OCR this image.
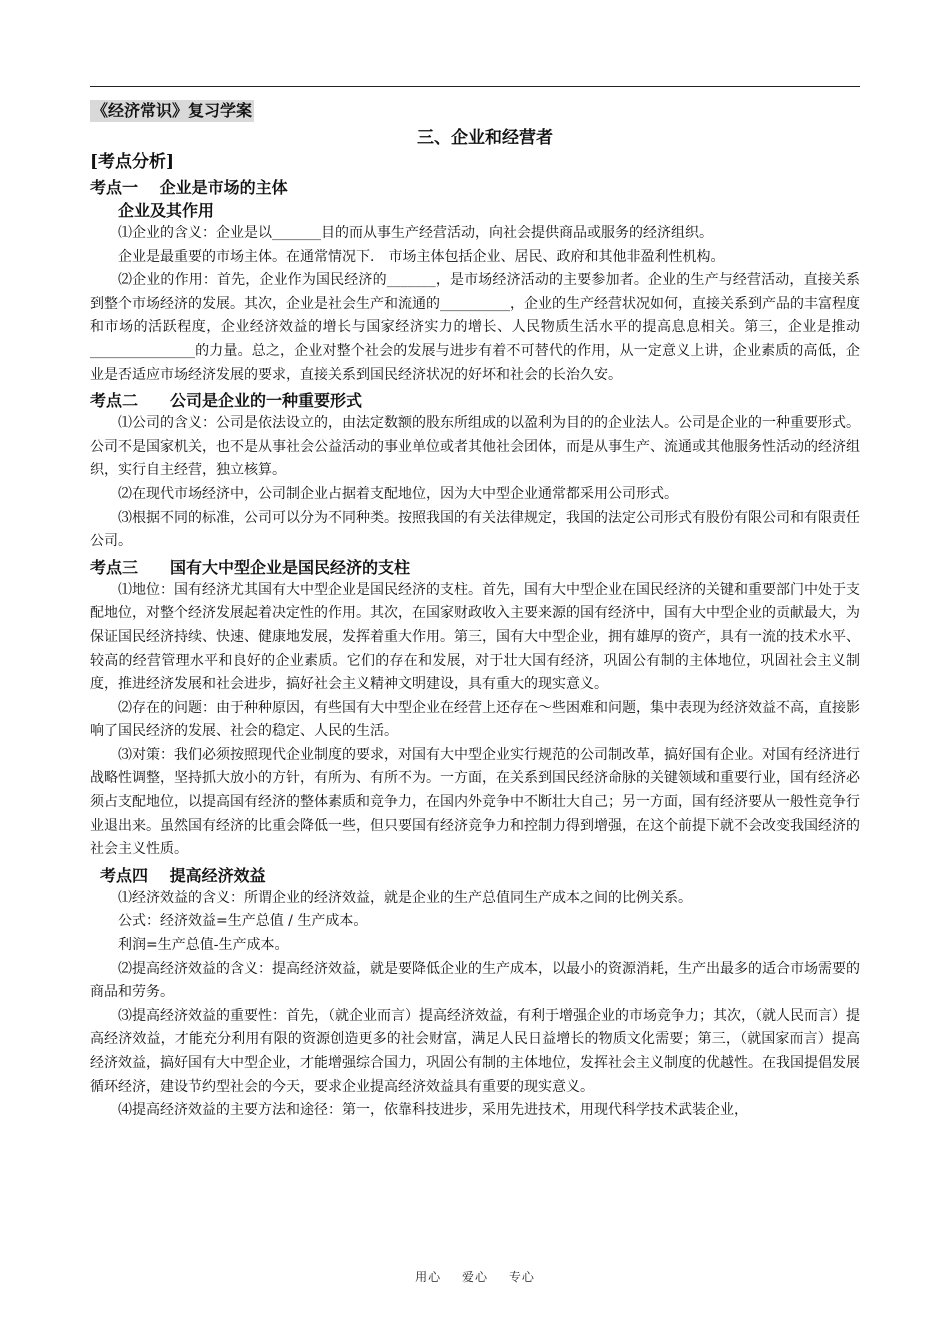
《经济常识》复习学案
三、企业和经营者
[考点分析]
考点一　 企业是市场的主体
企业及其作用

⑴企业的含义：企业是以_______目的而从事生产经营活动，向社会提供商品或服务的经济组织。

企业是最重要的市场主体。在通常情况下． 市场主体包括企业、居民、政府和其他非盈利性机构。

⑵企业的作用：首先，企业作为国民经济的_______，是市场经济活动的主要参加者。企业的生产与经营活动，直接关系到整个市场经济的发展。其次，企业是社会生产和流通的__________，企业的生产经营状况如何，直接关系到产品的丰富程度和市场的活跃程度，企业经济效益的增长与国家经济实力的增长、人民物质生活水平的提高息息相关。第三，企业是推动_______________的力量。总之，企业对整个社会的发展与进步有着不可替代的作用，从一定意义上讲，企业素质的高低，企业是否适应市场经济发展的要求，直接关系到国民经济状况的好坏和社会的长治久安。

考点二　　公司是企业的一种重要形式

⑴公司的含义：公司是依法设立的，由法定数额的股东所组成的以盈利为目的的企业法人。公司是企业的一种重要形式。公司不是国家机关，也不是从事社会公益活动的事业单位或者其他社会团体，而是从事生产、流通或其他服务性活动的经济组织，实行自主经营，独立核算。

⑵在现代市场经济中，公司制企业占据着支配地位，因为大中型企业通常都采用公司形式。

⑶根据不同的标准，公司可以分为不同种类。按照我国的有关法律规定，我国的法定公司形式有股份有限公司和有限责任公司。

考点三　　国有大中型企业是国民经济的支柱

⑴地位：国有经济尤其国有大中型企业是国民经济的支柱。首先，国有大中型企业在国民经济的关键和重要部门中处于支配地位，对整个经济发展起着决定性的作用。其次，在国家财政收入主要来源的国有经济中，国有大中型企业的贡献最大，为保证国民经济持续、快速、健康地发展，发挥着重大作用。第三，国有大中型企业，拥有雄厚的资产，具有一流的技术水平、较高的经营管理水平和良好的企业素质。它们的存在和发展，对于壮大国有经济，巩固公有制的主体地位，巩固社会主义制度，推进经济发展和社会进步，搞好社会主义精神文明建设，具有重大的现实意义。

⑵存在的问题：由于种种原因，有些国有大中型企业在经营上还存在～些困难和问题，集中表现为经济效益不高，直接影响了国民经济的发展、社会的稳定、人民的生活。

⑶对策：我们必须按照现代企业制度的要求，对国有大中型企业实行规范的公司制改革，搞好国有企业。对国有经济进行战略性调整，坚持抓大放小的方针，有所为、有所不为。一方面，在关系到国民经济命脉的关键领域和重要行业，国有经济必须占支配地位，以提高国有经济的整体素质和竞争力，在国内外竞争中不断壮大自己；另一方面，国有经济要从一般性竞争行业退出来。虽然国有经济的比重会降低一些，但只要国有经济竞争力和控制力得到增强，在这个前提下就不会改变我国经济的社会主义性质。

考点四　 提高经济效益

⑴经济效益的含义：所谓企业的经济效益，就是企业的生产总值同生产成本之间的比例关系。

公式：经济效益=生产总值 / 生产成本。

利润=生产总值-生产成本。

⑵提高经济效益的含义：提高经济效益，就是要降低企业的生产成本，以最小的资源消耗，生产出最多的适合市场需要的商品和劳务。

⑶提高经济效益的重要性：首先，（就企业而言）提高经济效益，有利于增强企业的市场竞争力；其次，（就人民而言）提高经济效益，才能充分利用有限的资源创造更多的社会财富，满足人民日益增长的物质文化需要；第三，（就国家而言）提高经济效益，搞好国有大中型企业，才能增强综合国力，巩固公有制的主体地位，发挥社会主义制度的优越性。在我国提倡发展循环经济，建设节约型社会的今天，要求企业提高经济效益具有重要的现实意义。

⑷提高经济效益的主要方法和途径：第一，依靠科技进步，采用先进技术，用现代科学技术武装企业，

用心 爱心 专心
